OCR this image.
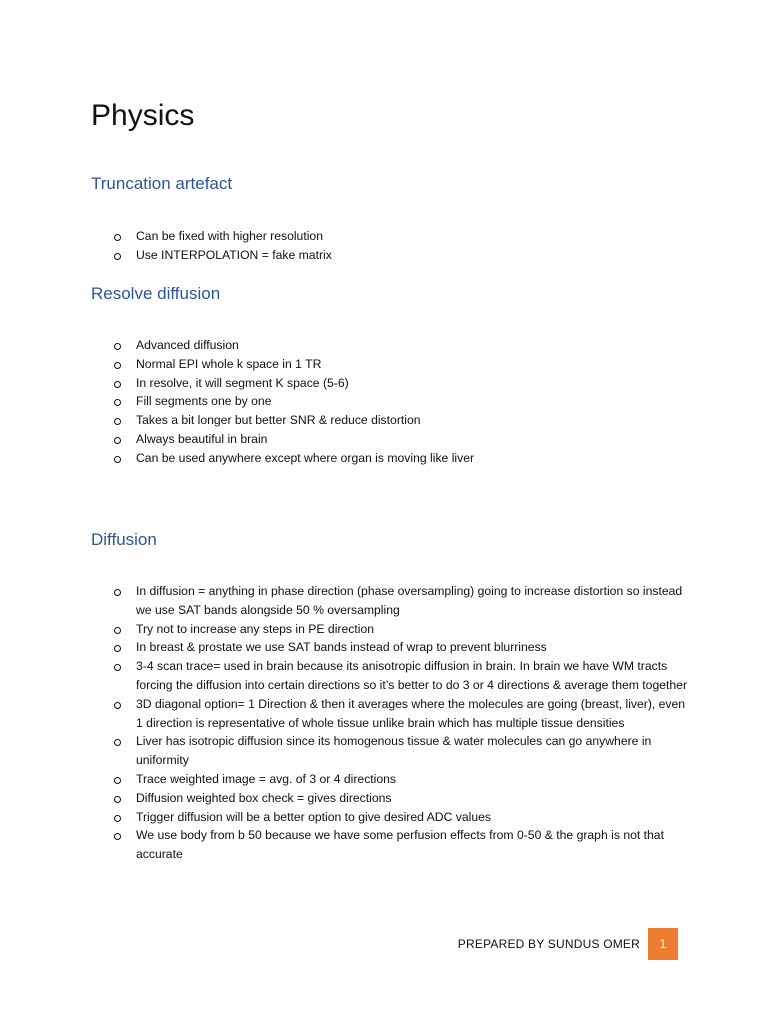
Physics
Truncation artefact
Can be fixed with higher resolution
Use INTERPOLATION = fake matrix
Resolve diffusion
Advanced diffusion
Normal EPI whole k space in 1 TR
In resolve, it will segment K space (5-6)
Fill segments one by one
Takes a bit longer but better SNR & reduce distortion
Always beautiful in brain
Can be used anywhere except where organ is moving like liver
Diffusion
In diffusion = anything in phase direction (phase oversampling) going to increase distortion so instead we use SAT bands alongside 50 % oversampling
Try not to increase any steps in PE direction
In breast & prostate we use SAT bands instead of wrap to prevent blurriness
3-4 scan trace= used in brain because its anisotropic diffusion in brain. In brain we have WM tracts forcing the diffusion into certain directions so it’s better to do 3 or 4 directions & average them together
3D diagonal option= 1 Direction & then it averages where the molecules are going (breast, liver), even 1 direction is representative of whole tissue unlike brain which has multiple tissue densities
Liver has isotropic diffusion since its homogenous tissue & water molecules can go anywhere in uniformity
Trace weighted image = avg. of 3 or 4 directions
Diffusion weighted box check = gives directions
Trigger diffusion will be a better option to give desired ADC values
We use body from b 50 because we have some perfusion effects from 0-50 & the graph is not that accurate
PREPARED BY SUNDUS OMER	1
